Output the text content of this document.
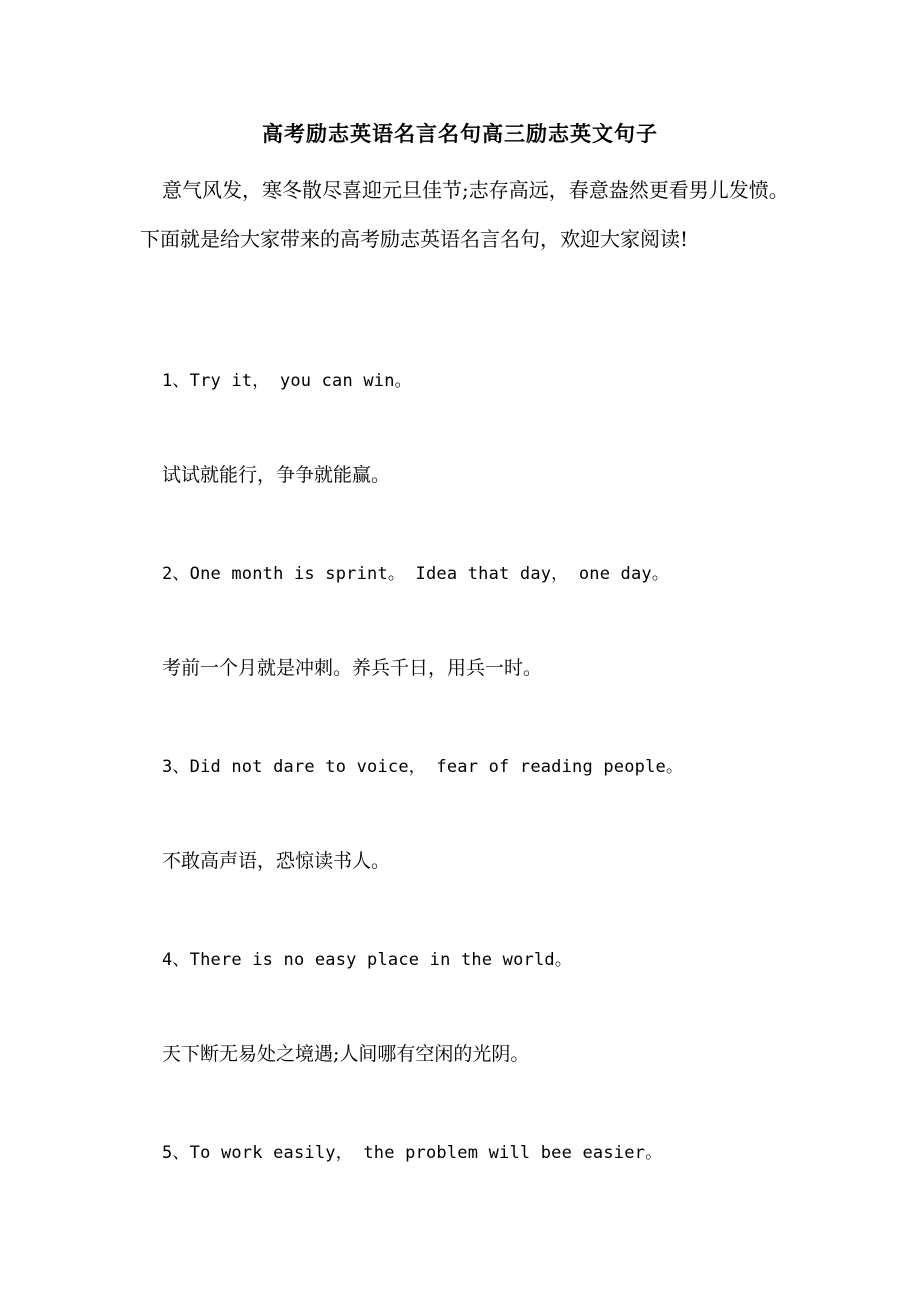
高考励志英语名言名句高三励志英文句子

意气风发，寒冬散尽喜迎元旦佳节;志存高远，春意盎然更看男儿发愤。下面就是给大家带来的高考励志英语名言名句，欢迎大家阅读!

1、Try it， you can win。

试试就能行，争争就能赢。

2、One month is sprint。 Idea that day， one day。

考前一个月就是冲刺。养兵千日，用兵一时。

3、Did not dare to voice， fear of reading people。

不敢高声语，恐惊读书人。

4、There is no easy place in the world。

天下断无易处之境遇;人间哪有空闲的光阴。

5、To work easily， the problem will bee easier。
